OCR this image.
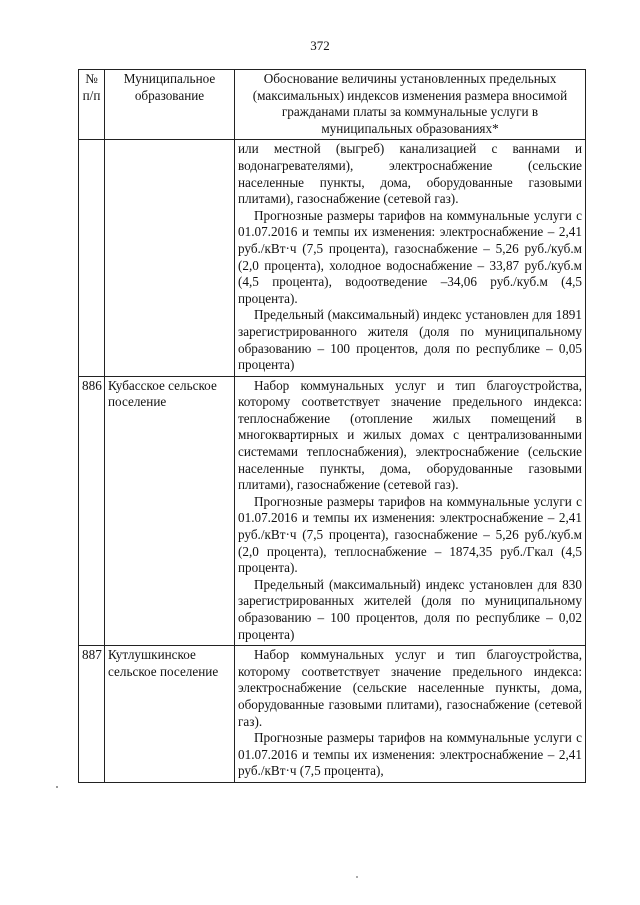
372
№ п/п	Муниципальное образование	Обоснование величины установленных предельных (максимальных) индексов изменения размера вносимой гражданами платы за коммунальные услуги в муниципальных образованиях*

		или местной (выгреб) канализацией с ваннами и водонагревателями), электроснабжение (сельские населенные пункты, дома, оборудованные газовыми плитами), газоснабжение (сетевой газ).

Прогнозные размеры тарифов на коммунальные услуги с 01.07.2016 и темпы их изменения: электроснабжение – 2,41 руб./кВт·ч (7,5 процента), газоснабжение – 5,26 руб./куб.м (2,0 процента), холодное водоснабжение – 33,87 руб./куб.м (4,5 процента), водоотведение –34,06 руб./куб.м (4,5 процента).

Предельный (максимальный) индекс установлен для 1891 зарегистрированного жителя (доля по муниципальному образованию – 100 процентов, доля по республике – 0,05 процента)

886	Кубасское сельское поселение	Набор коммунальных услуг и тип благоустройства, которому соответствует значение предельного индекса: теплоснабжение (отопление жилых помещений в многоквартирных и жилых домах с централизованными системами теплоснабжения), электроснабжение (сельские населенные пункты, дома, оборудованные газовыми плитами), газоснабжение (сетевой газ).

Прогнозные размеры тарифов на коммунальные услуги с 01.07.2016 и темпы их изменения: электроснабжение – 2,41 руб./кВт·ч (7,5 процента), газоснабжение – 5,26 руб./куб.м (2,0 процента), теплоснабжение – 1874,35 руб./Гкал (4,5 процента).

Предельный (максимальный) индекс установлен для 830 зарегистрированных жителей (доля по муниципальному образованию – 100 процентов, доля по республике – 0,02 процента)

887	Кутлушкинское сельское поселение	Набор коммунальных услуг и тип благоустройства, которому соответствует значение предельного индекса: электроснабжение (сельские населенные пункты, дома, оборудованные газовыми плитами), газоснабжение (сетевой газ).

Прогнозные размеры тарифов на коммунальные услуги с 01.07.2016 и темпы их изменения: электроснабжение – 2,41 руб./кВт·ч (7,5 процента),
